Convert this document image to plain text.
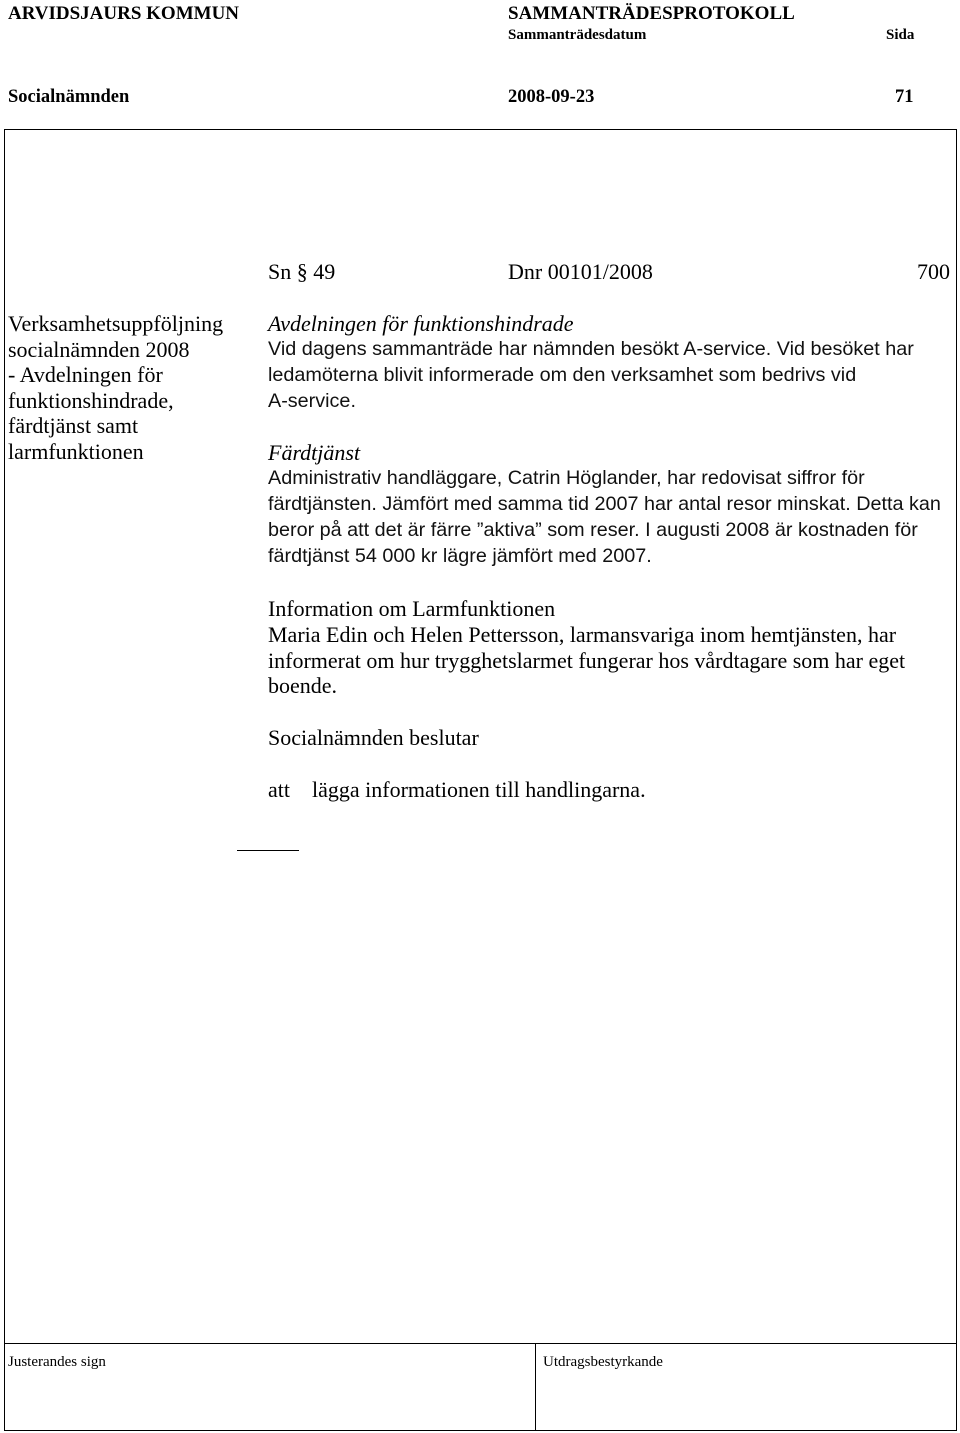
ARVIDSJAURS KOMMUN	SAMMANTRÄDESPROTOKOLL
Sammanträdesdatum	Sida
Socialnämnden	2008-09-23	71
Sn § 49	Dnr 00101/2008	700
Verksamhetsuppföljning
socialnämnden 2008
- Avdelningen för
funktionshindrade,
färdtjänst samt
larmfunktionen
Avdelningen för funktionshindrade
Vid dagens sammanträde har nämnden besökt A-service. Vid besöket har
ledamöterna blivit informerade om den verksamhet som bedrivs vid
A-service.
Färdtjänst
Administrativ handläggare, Catrin Höglander, har redovisat siffror för
färdtjänsten. Jämfört med samma tid 2007 har antal resor minskat. Detta kan
beror på att det är färre ”aktiva” som reser. I augusti 2008 är kostnaden för
färdtjänst 54 000 kr lägre jämfört med 2007.
Information om Larmfunktionen
Maria Edin och Helen Pettersson, larmansvariga inom hemtjänsten, har
informerat om hur trygghetslarmet fungerar hos vårdtagare som har eget
boende.
Socialnämnden beslutar
att lägga informationen till handlingarna.
Justerandes sign	Utdragsbestyrkande
